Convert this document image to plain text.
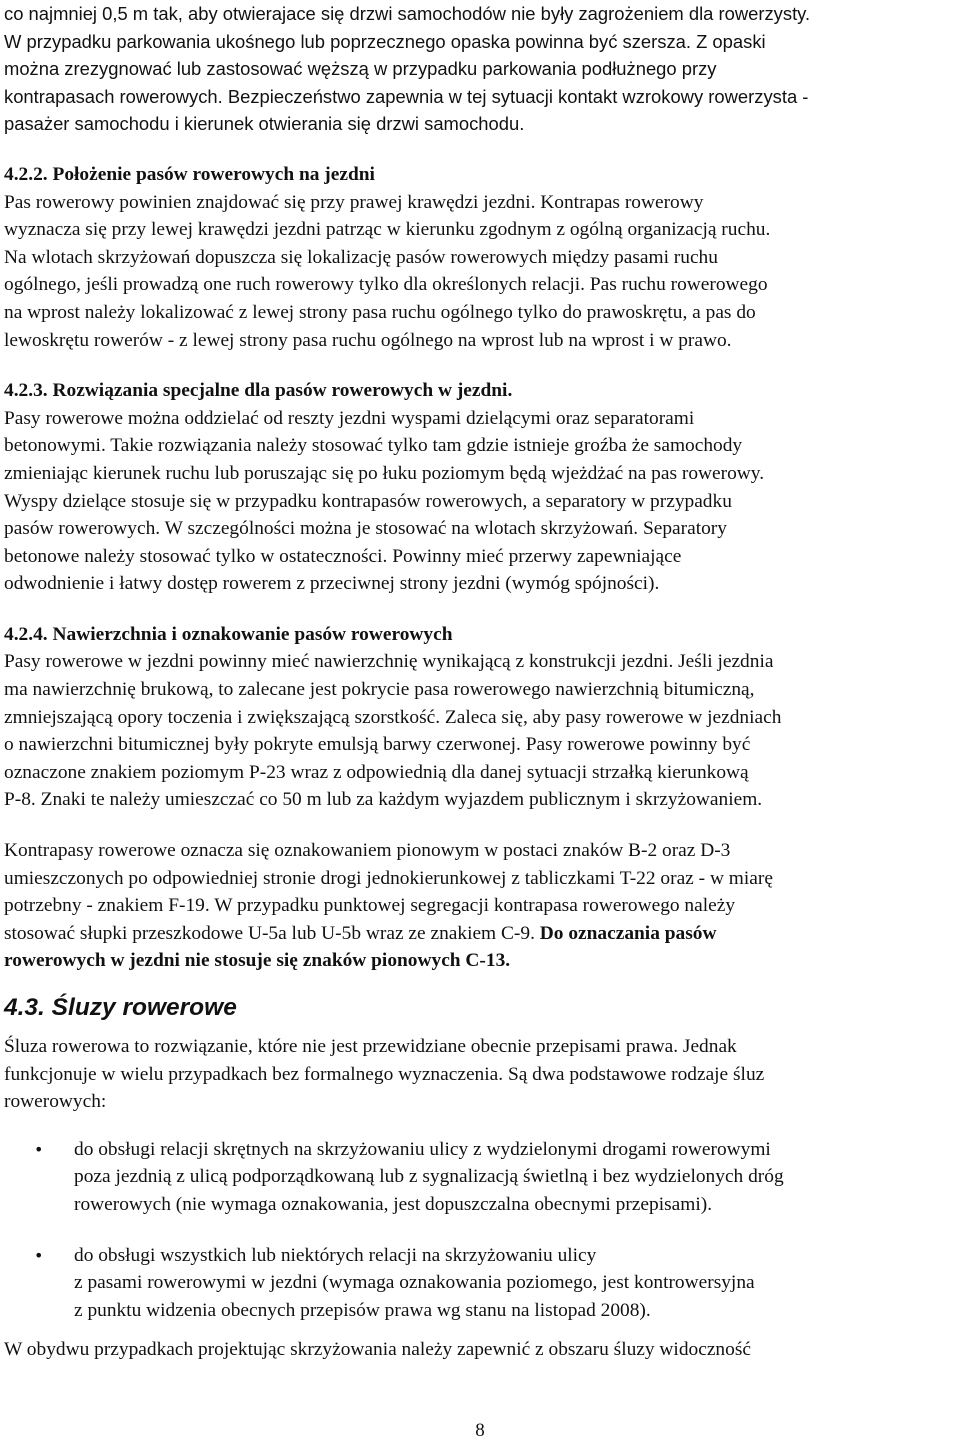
co najmniej 0,5 m tak, aby otwierajace się drzwi samochodów nie były zagrożeniem dla rowerzysty.
W przypadku parkowania ukośnego lub poprzecznego opaska powinna być szersza. Z opaski
można zrezygnować lub zastosować węższą w przypadku parkowania podłużnego przy
kontrapasach rowerowych. Bezpieczeństwo zapewnia w tej sytuacji kontakt wzrokowy rowerzysta -
pasażer samochodu i kierunek otwierania się drzwi samochodu.
4.2.2. Położenie pasów rowerowych na jezdni
Pas rowerowy powinien znajdować się przy prawej krawędzi jezdni. Kontrapas rowerowy
wyznacza się przy lewej krawędzi jezdni patrząc w kierunku zgodnym z ogólną organizacją ruchu.
Na wlotach skrzyżowań dopuszcza się lokalizację pasów rowerowych między pasami ruchu
ogólnego, jeśli prowadzą one ruch rowerowy tylko dla określonych relacji. Pas ruchu rowerowego
na wprost należy lokalizować z lewej strony pasa ruchu ogólnego tylko do prawoskrętu, a pas do
lewoskrętu rowerów - z lewej strony pasa ruchu ogólnego na wprost lub na wprost i w prawo.
4.2.3. Rozwiązania specjalne dla pasów rowerowych w jezdni.
Pasy rowerowe można oddzielać od reszty jezdni wyspami dzielącymi oraz separatorami
betonowymi. Takie rozwiązania należy stosować tylko tam gdzie istnieje groźba że samochody
zmieniając kierunek ruchu lub poruszając się po łuku poziomym będą wjeżdżać na pas rowerowy.
Wyspy dzielące stosuje się w przypadku kontrapasów rowerowych, a separatory w przypadku
pasów rowerowych. W szczególności można je stosować na wlotach skrzyżowań. Separatory
betonowe należy stosować tylko w ostateczności. Powinny mieć przerwy zapewniające
odwodnienie i łatwy dostęp rowerem z przeciwnej strony jezdni (wymóg spójności).
4.2.4. Nawierzchnia i oznakowanie pasów rowerowych
Pasy rowerowe w jezdni powinny mieć nawierzchnię wynikającą z konstrukcji jezdni. Jeśli jezdnia
ma nawierzchnię brukową, to zalecane jest pokrycie pasa rowerowego nawierzchnią bitumiczną,
zmniejszającą opory toczenia i zwiększającą szorstkość. Zaleca się, aby pasy rowerowe w jezdniach
o nawierzchni bitumicznej były pokryte emulsją barwy czerwonej. Pasy rowerowe powinny być
oznaczone znakiem poziomym P-23 wraz z odpowiednią dla danej sytuacji strzałką kierunkową
P-8. Znaki te należy umieszczać co 50 m lub za każdym wyjazdem publicznym i skrzyżowaniem.
Kontrapasy rowerowe oznacza się oznakowaniem pionowym w postaci znaków B-2 oraz D-3
umieszczonych po odpowiedniej stronie drogi jednokierunkowej z tabliczkami T-22 oraz - w miarę
potrzebny - znakiem F-19. W przypadku punktowej segregacji kontrapasa rowerowego należy
stosować słupki przeszkodowe U-5a lub U-5b wraz ze znakiem C-9. Do oznaczania pasów
rowerowych w jezdni nie stosuje się znaków pionowych C-13.
4.3. Śluzy rowerowe
Śluza rowerowa to rozwiązanie, które nie jest przewidziane obecnie przepisami prawa. Jednak
funkcjonuje w wielu przypadkach bez formalnego wyznaczenia. Są dwa podstawowe rodzaje śluz
rowerowych:
• do obsługi relacji skrętnych na skrzyżowaniu ulicy z wydzielonymi drogami rowerowymi
poza jezdnią z ulicą podporządkowaną lub z sygnalizacją świetlną i bez wydzielonych dróg
rowerowych (nie wymaga oznakowania, jest dopuszczalna obecnymi przepisami).
• do obsługi wszystkich lub niektórych relacji na skrzyżowaniu ulicy
z pasami rowerowymi w jezdni (wymaga oznakowania poziomego, jest kontrowersyjna
z punktu widzenia obecnych przepisów prawa wg stanu na listopad 2008).
W obydwu przypadkach projektując skrzyżowania należy zapewnić z obszaru śluzy widoczność
8
